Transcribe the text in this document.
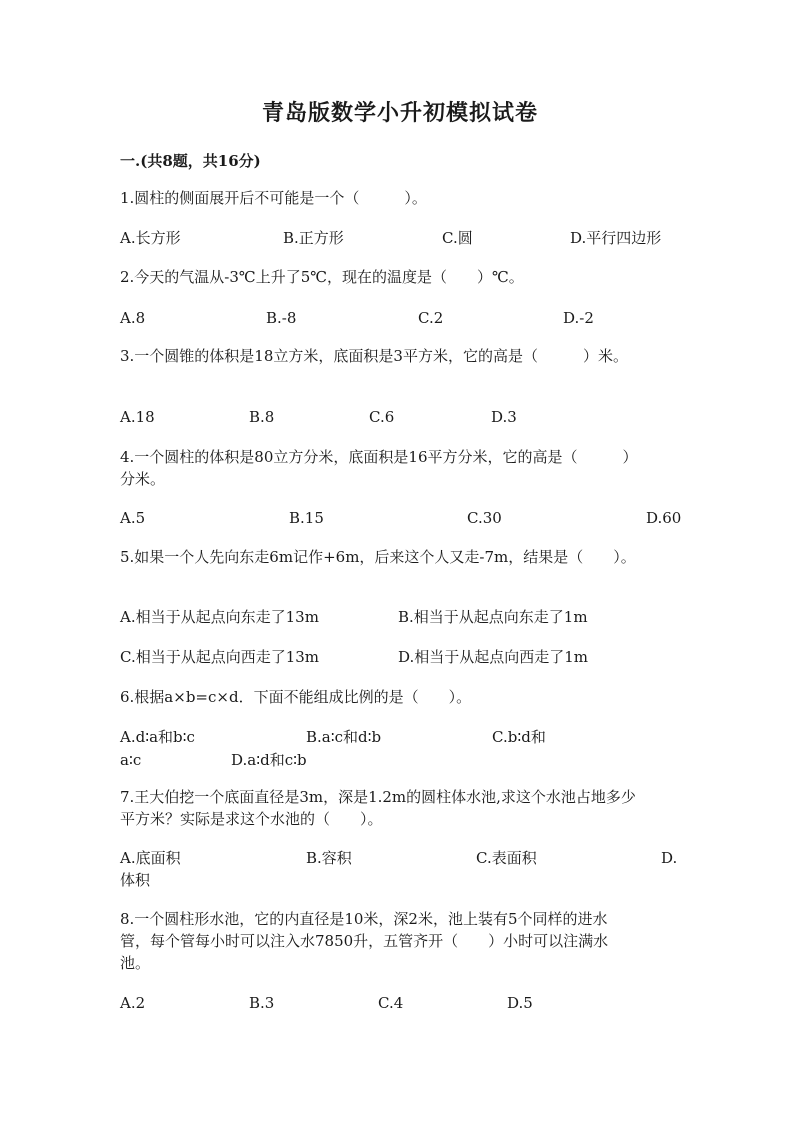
青岛版数学小升初模拟试卷
一.(共8题，共16分)
1.圆柱的侧面展开后不可能是一个（　　　）。
A.长方形	B.正方形	C.圆	D.平行四边形
2.今天的气温从-3℃上升了5℃，现在的温度是（　　）℃。
A.8	B.-8	C.2	D.-2
3.一个圆锥的体积是18立方米，底面积是3平方米，它的高是（　　　）米。
A.18	B.8	C.6	D.3
4.一个圆柱的体积是80立方分米，底面积是16平方分米，它的高是（　　　）
分米。
A.5	B.15	C.30	D.60
5.如果一个人先向东走6m记作+6m，后来这个人又走-7m，结果是（　　）。
A.相当于从起点向东走了13m	B.相当于从起点向东走了1m
C.相当于从起点向西走了13m	D.相当于从起点向西走了1m
6.根据a×b=c×d．下面不能组成比例的是（　　）。
A.d∶a和b∶c	B.a∶c和d∶b	C.b∶d和
a∶c	D.a∶d和c∶b
7.王大伯挖一个底面直径是3m，深是1.2m的圆柱体水池,求这个水池占地多少
平方米？实际是求这个水池的（　　）。
A.底面积	B.容积	C.表面积	D.
体积
8.一个圆柱形水池，它的内直径是10米，深2米，池上装有5个同样的进水
管，每个管每小时可以注入水7850升，五管齐开（　　）小时可以注满水
池。
A.2	B.3	C.4	D.5
